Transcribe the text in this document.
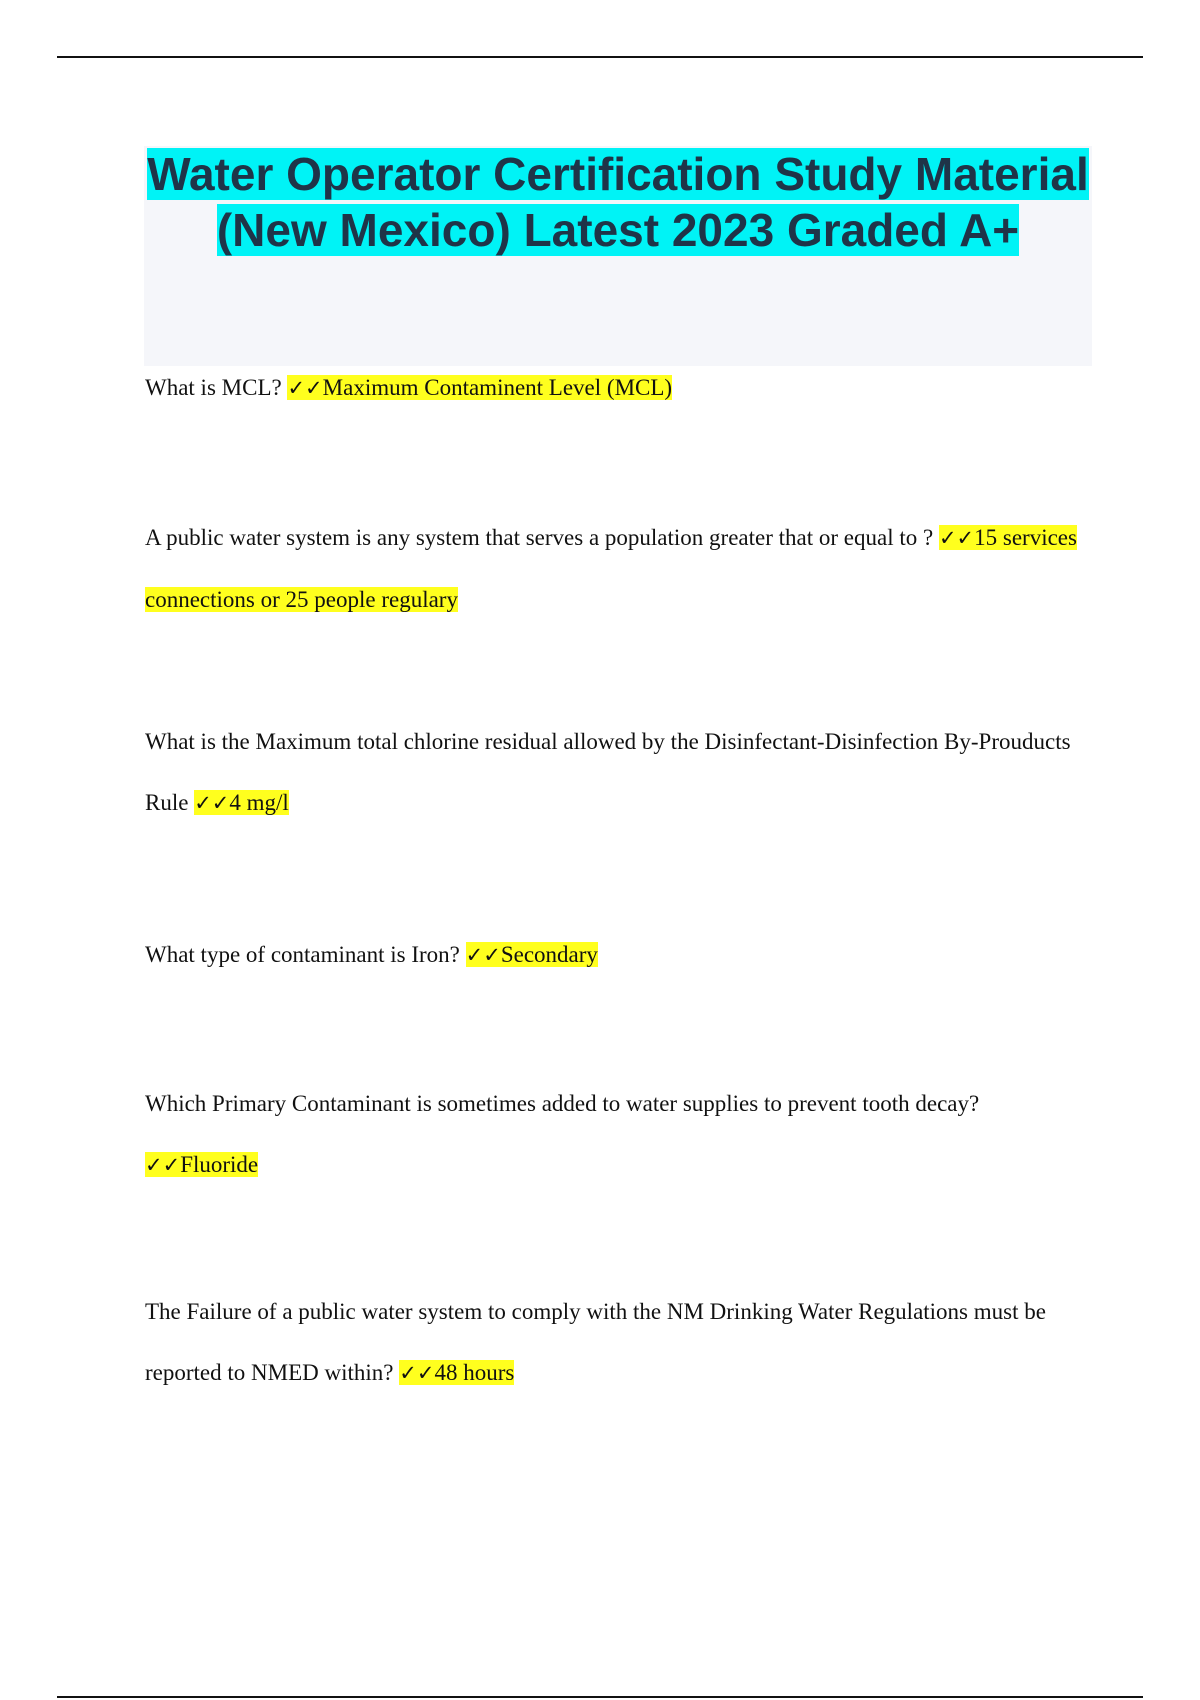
Water Operator Certification Study Material (New Mexico) Latest 2023 Graded A+

What is MCL? ✓✓Maximum Contaminent Level (MCL)

A public water system is any system that serves a population greater that or equal to ? ✓✓15 services connections or 25 people regulary

What is the Maximum total chlorine residual allowed by the Disinfectant-Disinfection By-Prouducts Rule ✓✓4 mg/l

What type of contaminant is Iron? ✓✓Secondary

Which Primary Contaminant is sometimes added to water supplies to prevent tooth decay? ✓✓Fluoride

The Failure of a public water system to comply with the NM Drinking Water Regulations must be reported to NMED within? ✓✓48 hours
